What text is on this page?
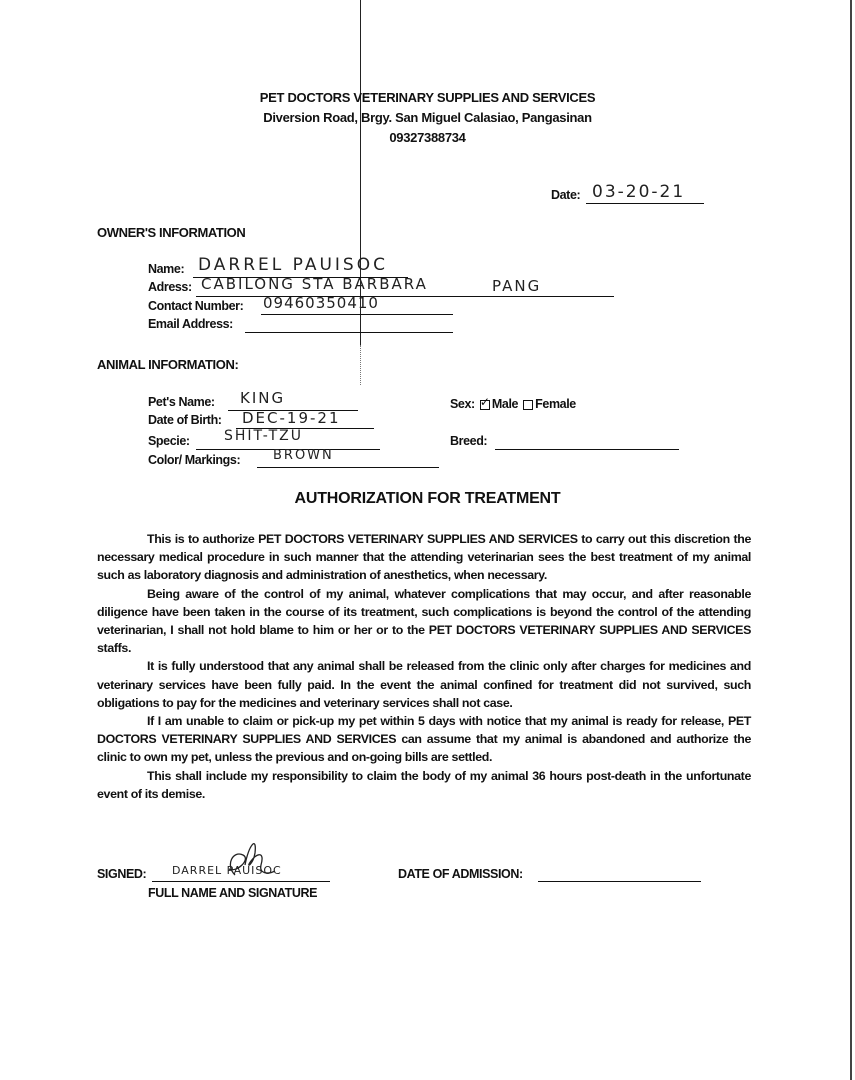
PET DOCTORS VETERINARY SUPPLIES AND SERVICES
Diversion Road, Brgy. San Miguel Calasiao, Pangasinan
09327388734
Date: 03-20-21
OWNER'S INFORMATION
Name: DARREL PAUISOC
Adress: CABILONG STA BARBARA	PANG
Contact Number: 09460350410
Email Address:
ANIMAL INFORMATION:
Pet's Name: KING
Date of Birth: DEC-19-21
Specie: SHIT-TZU
Color/ Markings:	BROWN
Sex: ✓ Male Female
Breed:
AUTHORIZATION FOR TREATMENT

This is to authorize PET DOCTORS VETERINARY SUPPLIES AND SERVICES to carry out this discretion the necessary medical procedure in such manner that the attending veterinarian sees the best treatment of my animal such as laboratory diagnosis and administration of anesthetics, when necessary.

Being aware of the control of my animal, whatever complications that may occur, and after reasonable diligence have been taken in the course of its treatment, such complications is beyond the control of the attending veterinarian, I shall not hold blame to him or her or to the PET DOCTORS VETERINARY SUPPLIES AND SERVICES staffs.

It is fully understood that any animal shall be released from the clinic only after charges for medicines and veterinary services have been fully paid. In the event the animal confined for treatment did not survived, such obligations to pay for the medicines and veterinary services shall not case.

If I am unable to claim or pick-up my pet within 5 days with notice that my animal is ready for release, PET DOCTORS VETERINARY SUPPLIES AND SERVICES can assume that my animal is abandoned and authorize the clinic to own my pet, unless the previous and on-going bills are settled.

This shall include my responsibility to claim the body of my animal 36 hours post-death in the unfortunate event of its demise.

SIGNED: DARREL PAUISOC
FULL NAME AND SIGNATURE
DATE OF ADMISSION:
